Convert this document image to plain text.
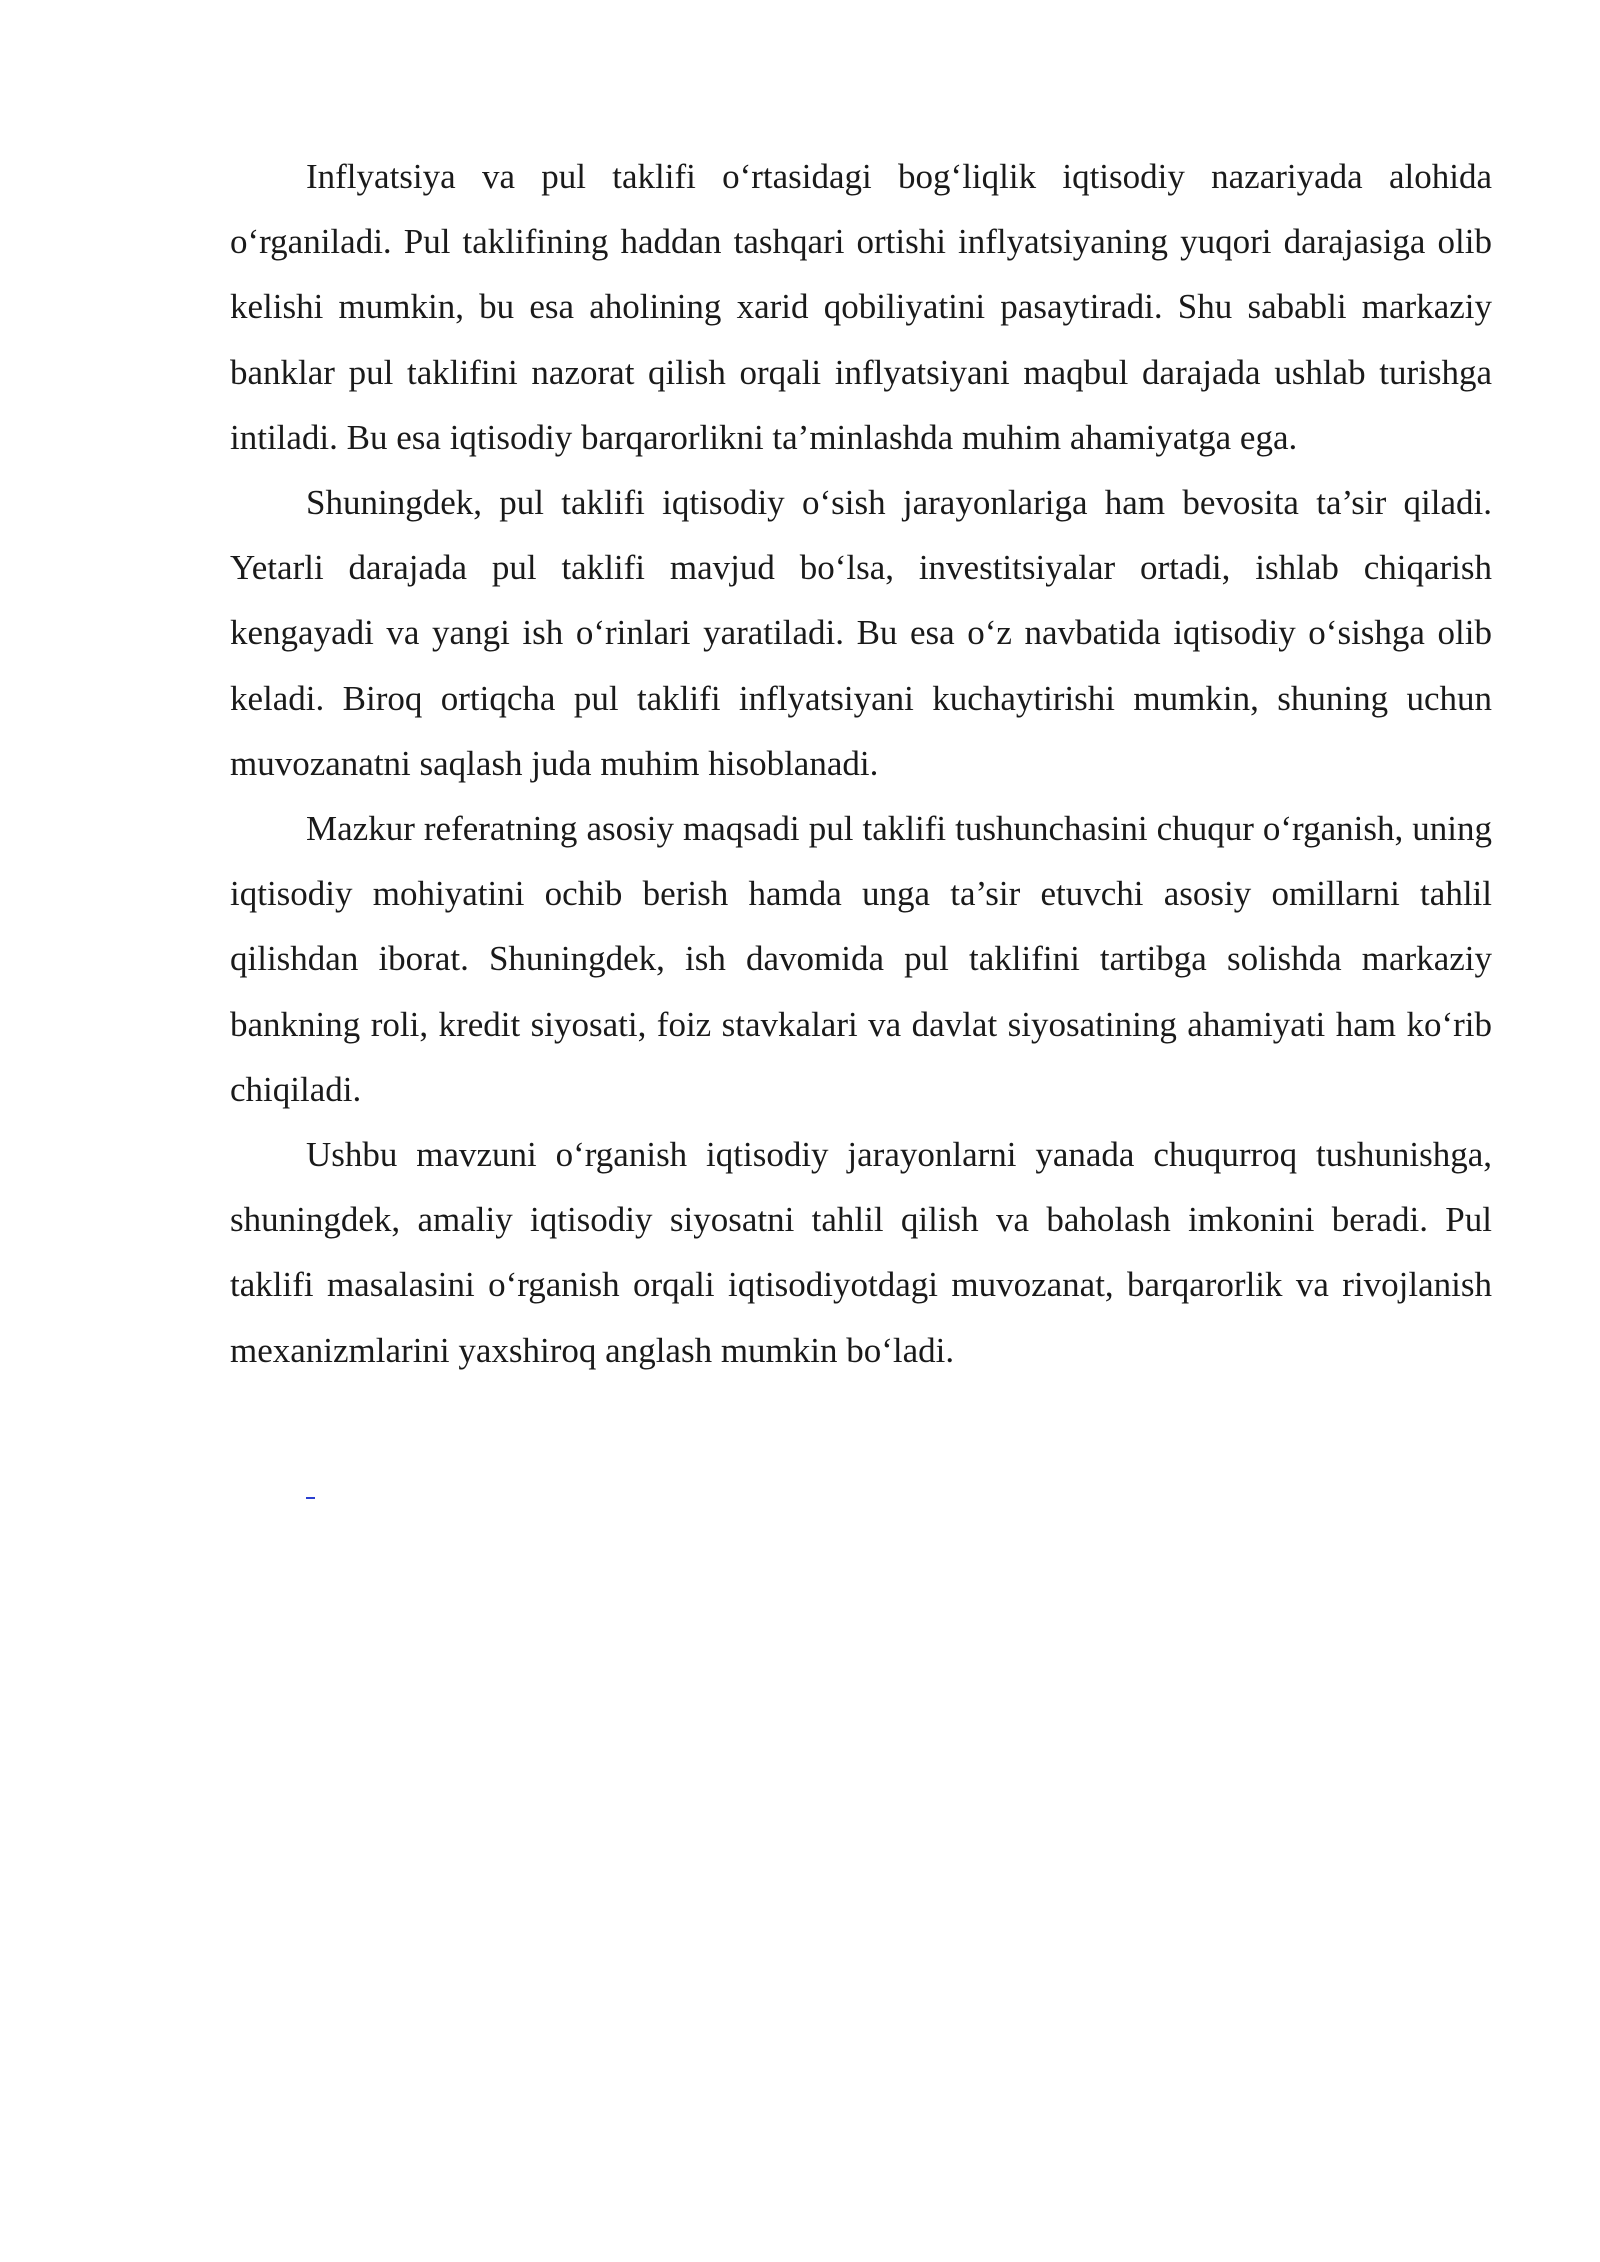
Inflyatsiya va pul taklifi o‘rtasidagi bog‘liqlik iqtisodiy nazariyada alohida o‘rganiladi. Pul taklifining haddan tashqari ortishi inflyatsiyaning yuqori darajasiga olib kelishi mumkin, bu esa aholining xarid qobiliyatini pasaytiradi. Shu sababli markaziy banklar pul taklifini nazorat qilish orqali inflyatsiyani maqbul darajada ushlab turishga intiladi. Bu esa iqtisodiy barqarorlikni ta’minlashda muhim ahamiyatga ega.

Shuningdek, pul taklifi iqtisodiy o‘sish jarayonlariga ham bevosita ta’sir qiladi. Yetarli darajada pul taklifi mavjud bo‘lsa, investitsiyalar ortadi, ishlab chiqarish kengayadi va yangi ish o‘rinlari yaratiladi. Bu esa o‘z navbatida iqtisodiy o‘sishga olib keladi. Biroq ortiqcha pul taklifi inflyatsiyani kuchaytirishi mumkin, shuning uchun muvozanatni saqlash juda muhim hisoblanadi.

Mazkur referatning asosiy maqsadi pul taklifi tushunchasini chuqur o‘rganish, uning iqtisodiy mohiyatini ochib berish hamda unga ta’sir etuvchi asosiy omillarni tahlil qilishdan iborat. Shuningdek, ish davomida pul taklifini tartibga solishda markaziy bankning roli, kredit siyosati, foiz stavkalari va davlat siyosatining ahamiyati ham ko‘rib chiqiladi.

Ushbu mavzuni o‘rganish iqtisodiy jarayonlarni yanada chuqurroq tushunishga, shuningdek, amaliy iqtisodiy siyosatni tahlil qilish va baholash imkonini beradi. Pul taklifi masalasini o‘rganish orqali iqtisodiyotdagi muvozanat, barqarorlik va rivojlanish mexanizmlarini yaxshiroq anglash mumkin bo‘ladi.
